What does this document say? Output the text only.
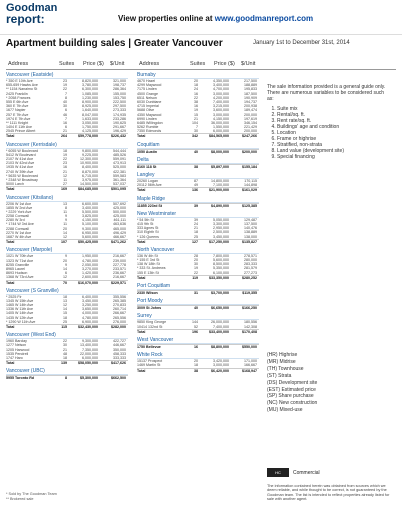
Goodman
report:	View properties online at www.goodmanreport.com
Apartment building sales | Greater Vancouver	January 1st to December 31st, 2014
Address	Suites Price ($) $/Unit	Address	Suites Price ($) $/Unit
Vancouver (Eastside)
* 350 E 10th Ave	23	8,820,000	321,000
655-659 Hawks Ave	19	3,780,000	198,737
** 1154 Nanaimo St	22	6,300,000	286,364
2425 Franklin	7	1,085,000	155,000
* 2058 Frances	8	1,230,000	153,750
555 E 6th Ave	40	8,900,000	222,500
360 E 7th Ave	30	8,925,000	297,500
1677 Napier	6	1,640,000	273,333
257 E 7th Ave	46	8,047,000	174,935
1974 E 7th Ave	7	1,633,000	233,286
** 1111 Knight	16	3,050,000	190,625
1404 E 11th Ave	6	1,750,000	291,667
2545 Prince Albert	21	4,125,000	196,429
Total	264	$59,778,000	$226,432
Vancouver (Kerrisdale)
* 6055 W Boulevard	18	9,800,000	544,444
5412 W Boulevard	19	9,225,000	485,526
2107 W 41st Ave	22	12,300,000	559,091
2103 W 42nd Ave	23	10,900,000	473,913
1935 W 41st Ave	16	8,400,000	525,000
2740 W 39th Ave	21	8,870,000	422,381
* 5635 W Boulevard	12	6,715,000	559,583
* 2348 W Broadway	11	3,975,000	361,364
5000 Larch	27	14,500,000	537,037
Total	169	$84,685,000	$501,095
Vancouver (Kitsilano)
2206 W 1st Ave	13	6,600,000	507,692
1855 W 2nd Ave	8	3,400,000	425,000
* 2229 York Ave	11	5,500,000	500,000
2258 Cornwall	9	3,825,000	425,000
2280 W 3rd	9	4,150,000	461,111
* 1744 W 3rd Ave	11	5,100,000	463,636
2288 Cornwall	20	9,300,000	465,000
2270 W 1st Ave	14	6,950,000	496,429
1687 W 4th Ave	12	5,600,000	466,667
Total	107	$50,425,000	$471,262
Vancouver (Marpole)
1021 W 70th Ave	9	1,950,000	216,667
1323 W 71st Ave	20	4,780,000	239,000
8255 Granville	9	2,050,000	227,778
8965 Laurel	14	3,270,000	233,571
8693 Hudson	6	1,420,000	236,667
1368 W 73rd Ave	12	2,600,000	216,667
Total	70	$16,070,000	$229,571
Vancouver (S Granville)
* 2525 Fir	18	6,400,000	355,556
1345 W 15th Ave	13	3,450,000	265,385
1465 W 14th Ave	12	3,250,000	270,833
1336 W 11th Ave	14	3,650,000	260,714
1405 W 14th Ave	15	4,000,000	266,667
1435 W 12th Ave	18	4,780,000	265,556
* 1290 W 11th Ave	25	6,900,000	276,000
Total	115	$32,430,000	$282,000
Vancouver (West End)
1960 Barclay	22	9,300,000	422,727
1277 Nelson	30	13,400,000	446,667
1205 Harwood	21	7,350,000	350,000
1535 Pendrell	48	22,000,000	458,333
1747 Haro	18	6,000,000	333,333
Total	139	$58,050,000	$417,626
Vancouver (UBC)
5955 Toronto Rd	8	$5,300,000	$662,500
Burnaby
4670 Hazel	20	4,350,000	217,500
4299 Maywood	18	3,400,000	188,889
7175 Linden	24	4,700,000	195,833
4500 Grange	16	3,000,000	187,500
6511 Nelson	22	4,200,000	190,909
6030 Dunblane	38	7,400,000	194,737
4715 Imperial	16	3,215,000	200,938
5688 Olive	19	3,600,000	189,474
4350 Maywood	15	3,000,000	200,000
6990 Linden	21	4,150,000	197,619
6485 Willingdon	104	36,000,000	346,154
5262 Rumble	7	1,550,000	221,429
7350 Edmonds	30	6,000,000	200,000
Total	342	$84,565,000	$247,266
Coquitlam
1050 Austin	40	$8,000,000	$200,000
Delta
8160 118 St	38	$5,897,000	$155,184
Langley
20260 Logan	87	14,800,000	170,115
20112 56th Ave	49	7,100,000	144,898
Total	136	$21,900,000	$161,029
Maple Ridge
11855 223rd St	39	$4,890,000	$125,385
New Westminster
* 54 5th St	39	5,050,000	129,487
415 9th St	24	3,300,000	137,500
333 Agnes St	21	2,950,000	140,476
310 Eighth St	18	2,500,000	138,889
* 126 Queens	25	3,450,000	138,000
Total	127	$17,250,000	$135,827
North Vancouver
136 W 4th St	28	7,800,000	278,571
* 155 E 3rd St	20	5,600,000	280,000
138 W 18th St	30	8,500,000	283,333
* 333 St. Andrews	19	5,350,000	281,579
155 E 13th St	22	6,100,000	277,273
Total	119	$33,350,000	$280,252
Port Coquitlam
2330 Wilson	31	$3,700,000	$119,355
Port Moody
3009 St Johns	40	$6,650,000	$166,250
Surrey
9850 King George	144	26,000,000	180,556
10414 132nd St	52	7,400,000	142,308
Total	196	$33,400,000	$170,408
West Vancouver
1750 Bellevue	16	$8,800,000	$550,000
White Rock
15137 Prospect	20	3,420,000	171,000
1469 Martin St	18	3,000,000	166,667
Total	38	$6,420,000	$168,947

The sale information provided is a general guide only. There are numerous variables to be considered such as:

1. Suite mix
2. Rental/sq. ft.
3. Rent rate/sq. ft.
4. Buildings' age and condition
5. Location
6. Frame or highrise
7. Stratified, non-strata
8. Land value (development site)
9. Special financing
(HR) Highrise
(MR) Midrise
(TH) Townhouse
(ST) Strata
(DS) Development site
(EST) Estimated price
(SP) Share purchase
(NC) New construction
(MU) Mixed-use
HC	Commercial
The information contained herein was obtained from sources which we deem reliable, and while thought to be correct, is not guaranteed by the Goodman team. The list is intended to reflect properties already listed for sale with another agent.
* Sold by The Goodman Team
** Brokered sale
